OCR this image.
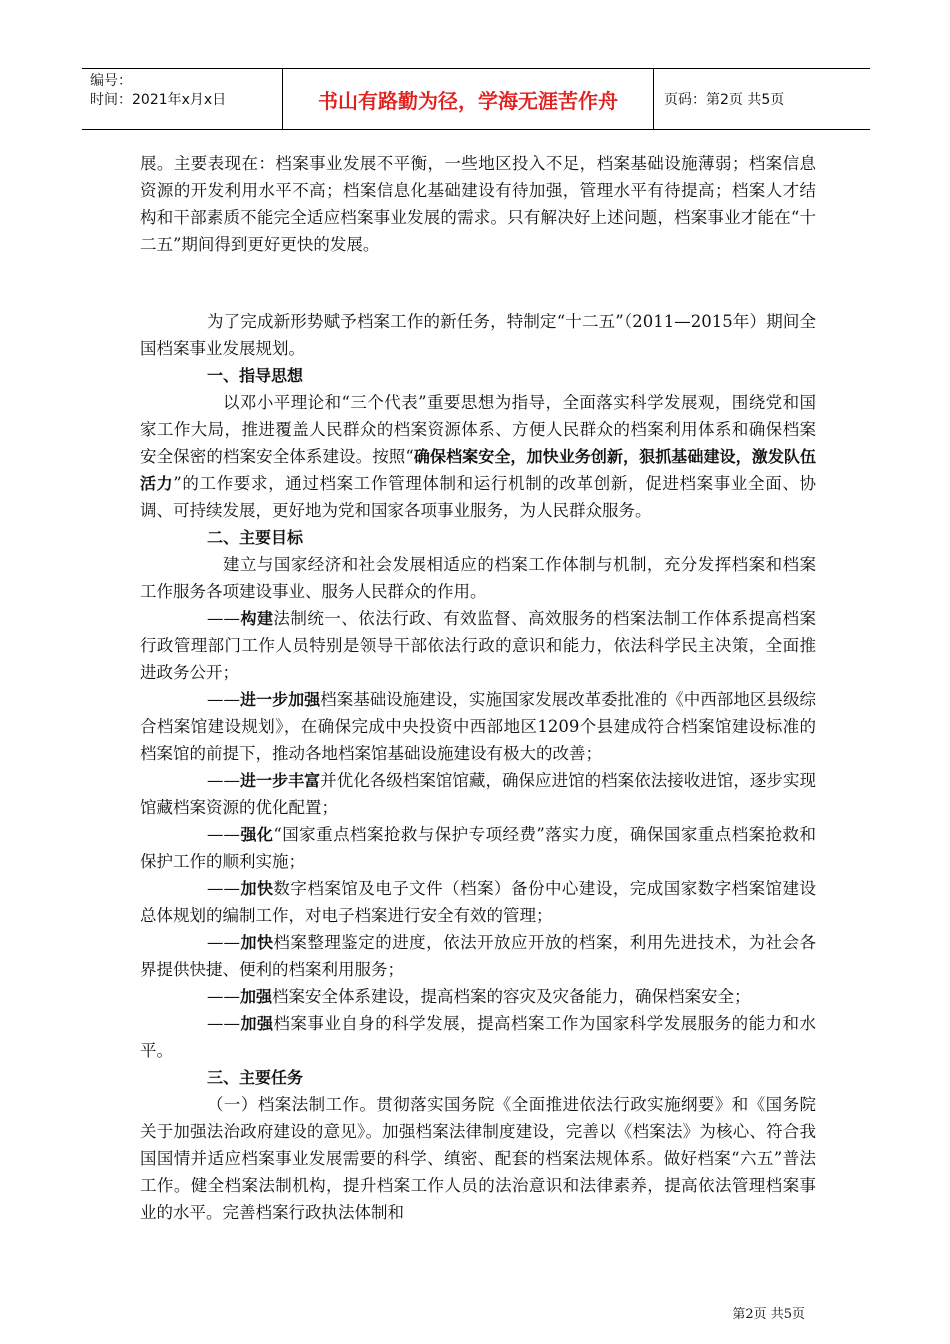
编号：
时间：2021年x月x日	书山有路勤为径，学海无涯苦作舟	页码：第2页 共5页

展。主要表现在：档案事业发展不平衡，一些地区投入不足，档案基础设施薄弱；档案信息资源的开发利用水平不高；档案信息化基础建设有待加强，管理水平有待提高；档案人才结构和干部素质不能完全适应档案事业发展的需求。只有解决好上述问题，档案事业才能在“十二五”期间得到更好更快的发展。

为了完成新形势赋予档案工作的新任务，特制定“十二五”（2011—2015年）期间全国档案事业发展规划。

一、指导思想

以邓小平理论和“三个代表”重要思想为指导，全面落实科学发展观，围绕党和国家工作大局，推进覆盖人民群众的档案资源体系、方便人民群众的档案利用体系和确保档案安全保密的档案安全体系建设。按照“确保档案安全，加快业务创新，狠抓基础建设，激发队伍活力”的工作要求，通过档案工作管理体制和运行机制的改革创新，促进档案事业全面、协调、可持续发展，更好地为党和国家各项事业服务，为人民群众服务。

二、主要目标

建立与国家经济和社会发展相适应的档案工作体制与机制，充分发挥档案和档案工作服务各项建设事业、服务人民群众的作用。

——构建法制统一、依法行政、有效监督、高效服务的档案法制工作体系提高档案行政管理部门工作人员特别是领导干部依法行政的意识和能力，依法科学民主决策，全面推进政务公开；

——进一步加强档案基础设施建设，实施国家发展改革委批准的《中西部地区县级综合档案馆建设规划》，在确保完成中央投资中西部地区1209个县建成符合档案馆建设标准的档案馆的前提下，推动各地档案馆基础设施建设有极大的改善；

——进一步丰富并优化各级档案馆馆藏，确保应进馆的档案依法接收进馆，逐步实现馆藏档案资源的优化配置；

——强化“国家重点档案抢救与保护专项经费”落实力度，确保国家重点档案抢救和保护工作的顺利实施；

——加快数字档案馆及电子文件（档案）备份中心建设，完成国家数字档案馆建设总体规划的编制工作，对电子档案进行安全有效的管理；

——加快档案整理鉴定的进度，依法开放应开放的档案，利用先进技术，为社会各界提供快捷、便利的档案利用服务；

——加强档案安全体系建设，提高档案的容灾及灾备能力，确保档案安全；

——加强档案事业自身的科学发展，提高档案工作为国家科学发展服务的能力和水平。

三、主要任务

（一）档案法制工作。贯彻落实国务院《全面推进依法行政实施纲要》和《国务院关于加强法治政府建设的意见》。加强档案法律制度建设，完善以《档案法》为核心、符合我国国情并适应档案事业发展需要的科学、缜密、配套的档案法规体系。做好档案“六五”普法工作。健全档案法制机构，提升档案工作人员的法治意识和法律素养，提高依法管理档案事业的水平。完善档案行政执法体制和

第2页 共5页
